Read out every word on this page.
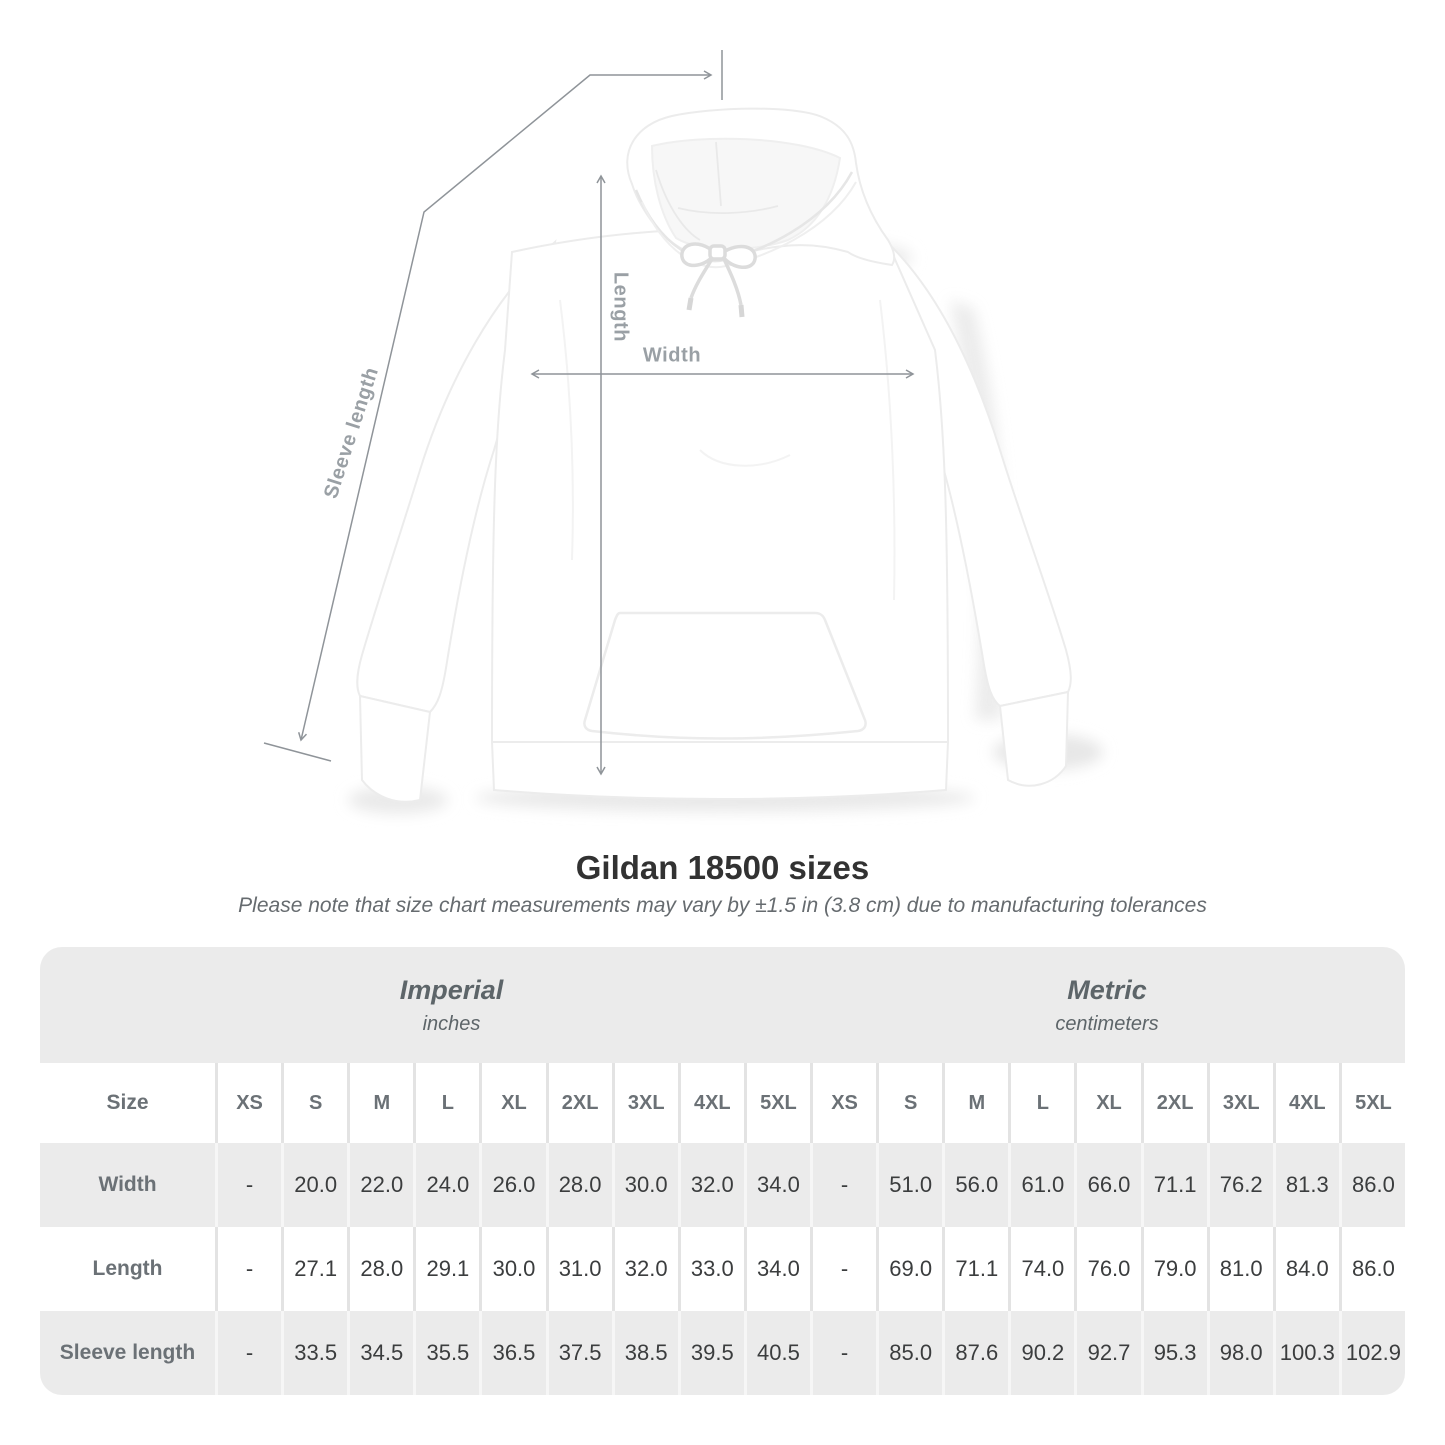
Length
Width
Sleeve length
Gildan 18500 sizes
Please note that size chart measurements may vary by ±1.5 in (3.8 cm) due to manufacturing tolerances
Imperial
inches
Metric
centimeters
Size	XS	S	M	L	XL	2XL	3XL	4XL	5XL	XS	S	M	L	XL	2XL	3XL	4XL	5XL
Width	-	20.0	22.0	24.0	26.0	28.0	30.0	32.0	34.0	-	51.0	56.0	61.0	66.0	71.1	76.2	81.3	86.0
Length	-	27.1	28.0	29.1	30.0	31.0	32.0	33.0	34.0	-	69.0	71.1	74.0	76.0	79.0	81.0	84.0	86.0
Sleeve length	-	33.5	34.5	35.5	36.5	37.5	38.5	39.5	40.5	-	85.0	87.6	90.2	92.7	95.3	98.0 100.3 102.9
